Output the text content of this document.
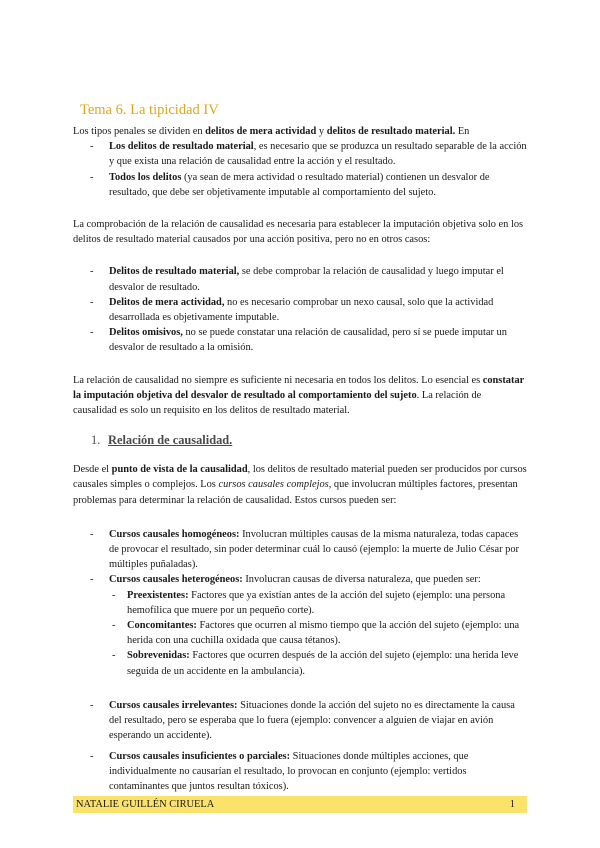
Tema 6. La tipicidad IV

Los tipos penales se dividen en delitos de mera actividad y delitos de resultado material. En

- Los delitos de resultado material, es necesario que se produzca un resultado separable de la acción y que exista una relación de causalidad entre la acción y el resultado.
- Todos los delitos (ya sean de mera actividad o resultado material) contienen un desvalor de resultado, que debe ser objetivamente imputable al comportamiento del sujeto.

La comprobación de la relación de causalidad es necesaria para establecer la imputación objetiva solo en los delitos de resultado material causados por una acción positiva, pero no en otros casos:

- Delitos de resultado material, se debe comprobar la relación de causalidad y luego imputar el desvalor de resultado.
- Delitos de mera actividad, no es necesario comprobar un nexo causal, solo que la actividad desarrollada es objetivamente imputable.
- Delitos omisivos, no se puede constatar una relación de causalidad, pero sí se puede imputar un desvalor de resultado a la omisión.

La relación de causalidad no siempre es suficiente ni necesaria en todos los delitos. Lo esencial es constatar la imputación objetiva del desvalor de resultado al comportamiento del sujeto. La relación de causalidad es solo un requisito en los delitos de resultado material.

1. Relación de causalidad.

Desde el punto de vista de la causalidad, los delitos de resultado material pueden ser producidos por cursos causales simples o complejos. Los cursos causales complejos, que involucran múltiples factores, presentan problemas para determinar la relación de causalidad. Estos cursos pueden ser:

- Cursos causales homogéneos: Involucran múltiples causas de la misma naturaleza, todas capaces de provocar el resultado, sin poder determinar cuál lo causó (ejemplo: la muerte de Julio César por múltiples puñaladas).
- Cursos causales heterogéneos: Involucran causas de diversa naturaleza, que pueden ser:
- Preexistentes: Factores que ya existían antes de la acción del sujeto (ejemplo: una persona hemofílica que muere por un pequeño corte).
- Concomitantes: Factores que ocurren al mismo tiempo que la acción del sujeto (ejemplo: una herida con una cuchilla oxidada que causa tétanos).
- Sobrevenidas: Factores que ocurren después de la acción del sujeto (ejemplo: una herida leve seguida de un accidente en la ambulancia).
- Cursos causales irrelevantes: Situaciones donde la acción del sujeto no es directamente la causa del resultado, pero se esperaba que lo fuera (ejemplo: convencer a alguien de viajar en avión esperando un accidente).
- Cursos causales insuficientes o parciales: Situaciones donde múltiples acciones, que individualmente no causarían el resultado, lo provocan en conjunto (ejemplo: vertidos contaminantes que juntos resultan tóxicos).
NATALIE GUILLÉN CIRUELA	1
